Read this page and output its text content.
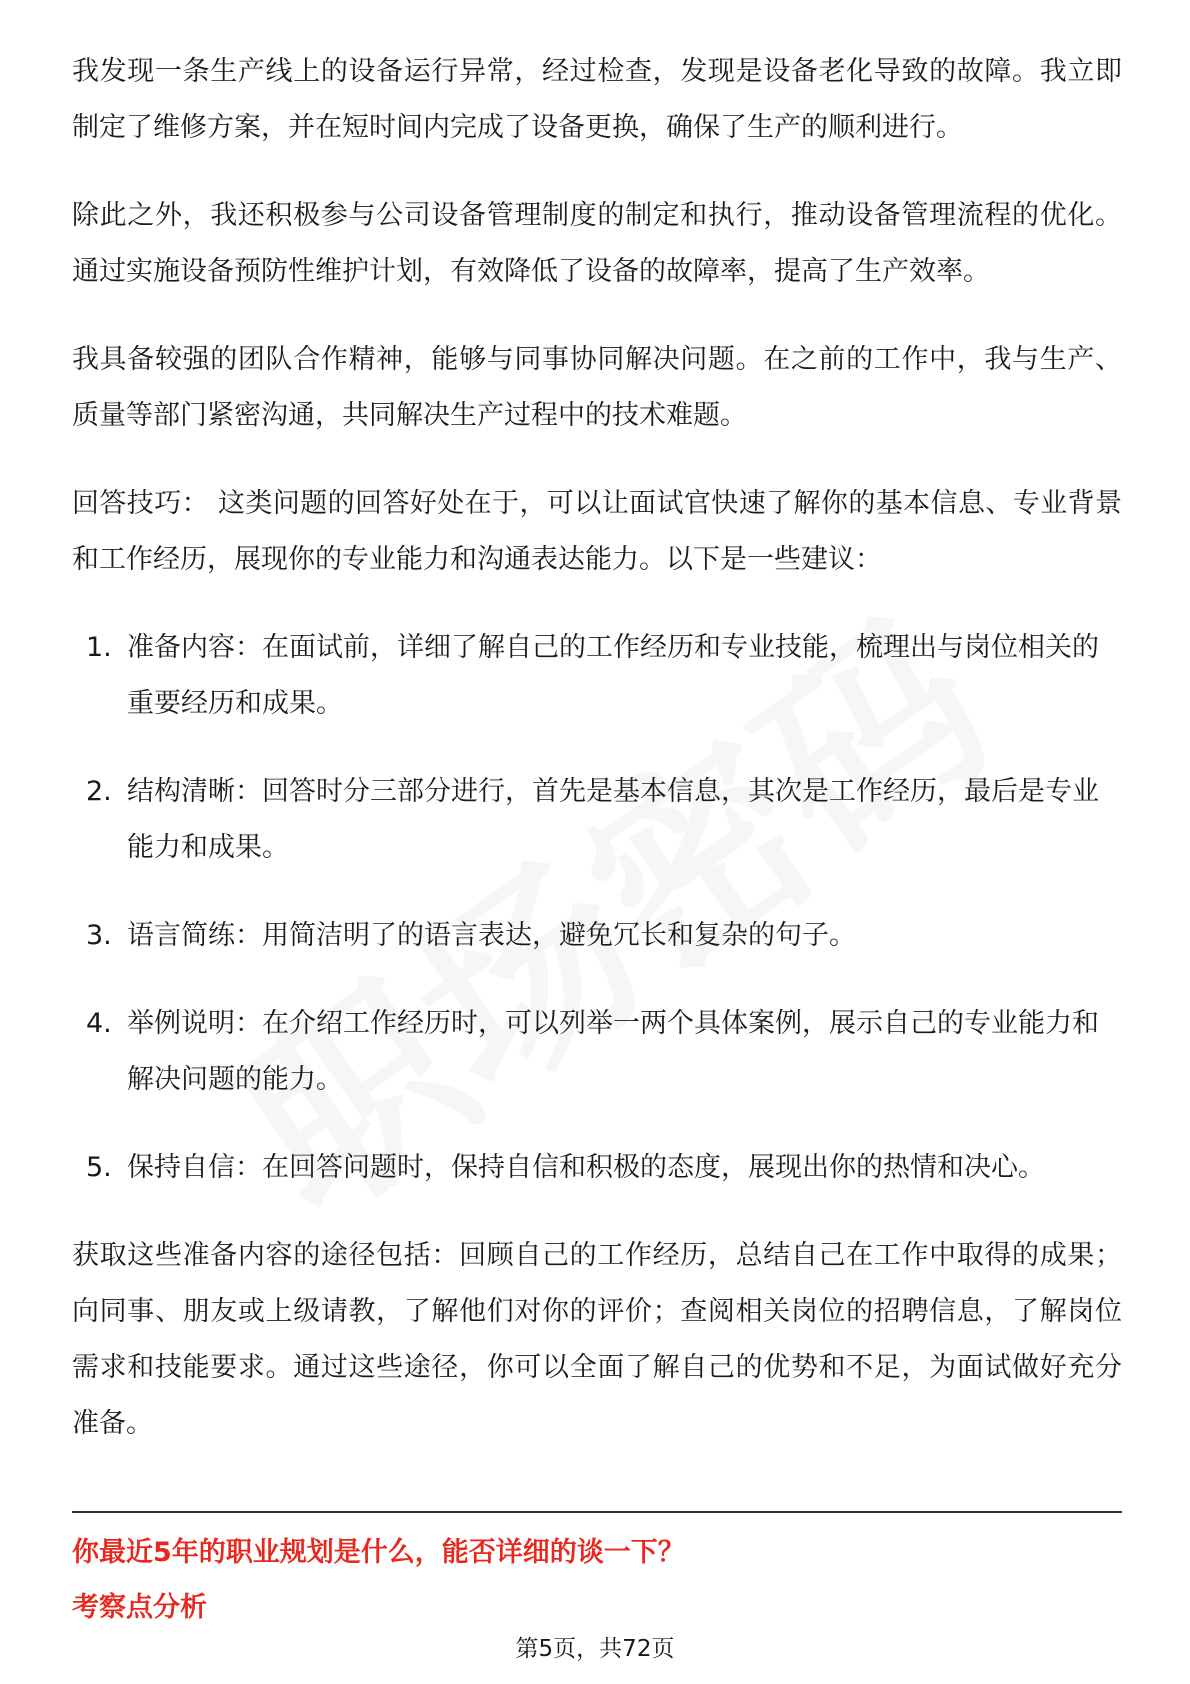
我发现一条生产线上的设备运行异常，经过检查，发现是设备老化导致的故障。我立即制定了维修方案，并在短时间内完成了设备更换，确保了生产的顺利进行。

除此之外，我还积极参与公司设备管理制度的制定和执行，推动设备管理流程的优化。通过实施设备预防性维护计划，有效降低了设备的故障率，提高了生产效率。

我具备较强的团队合作精神，能够与同事协同解决问题。在之前的工作中，我与生产、质量等部门紧密沟通，共同解决生产过程中的技术难题。

回答技巧： 这类问题的回答好处在于，可以让面试官快速了解你的基本信息、专业背景和工作经历，展现你的专业能力和沟通表达能力。以下是一些建议：

1. 准备内容：在面试前，详细了解自己的工作经历和专业技能，梳理出与岗位相关的重要经历和成果。
2. 结构清晰：回答时分三部分进行，首先是基本信息，其次是工作经历，最后是专业能力和成果。
3. 语言简练：用简洁明了的语言表达，避免冗长和复杂的句子。
4. 举例说明：在介绍工作经历时，可以列举一两个具体案例，展示自己的专业能力和解决问题的能力。
5. 保持自信：在回答问题时，保持自信和积极的态度，展现出你的热情和决心。

获取这些准备内容的途径包括：回顾自己的工作经历，总结自己在工作中取得的成果；向同事、朋友或上级请教，了解他们对你的评价；查阅相关岗位的招聘信息，了解岗位需求和技能要求。通过这些途径，你可以全面了解自己的优势和不足，为面试做好充分准备。

你最近5年的职业规划是什么，能否详细的谈一下？
考察点分析
第5页，共72页
